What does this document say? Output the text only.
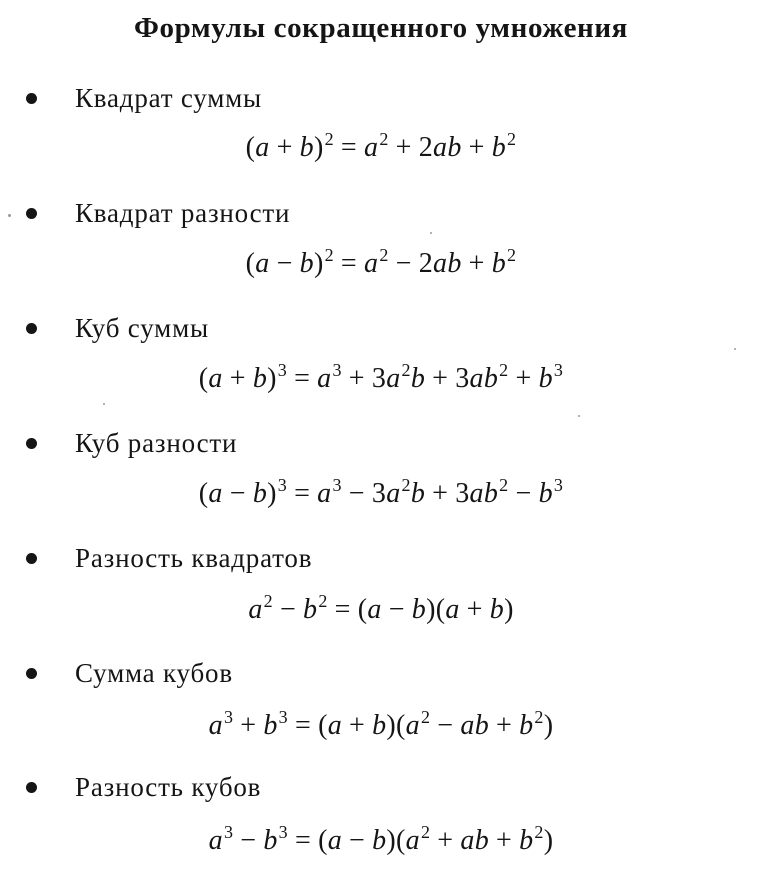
Формулы сокращенного умножения
Квадрат суммы
$(a + b)^2 = a^2 + 2ab + b^2$
Квадрат разности
$(a - b)^2 = a^2 - 2ab + b^2$
Куб суммы
$(a + b)^3 = a^3 + 3a^2b + 3ab^2 + b^3$
Куб разности
$(a - b)^3 = a^3 - 3a^2b + 3ab^2 - b^3$
Разность квадратов
$a^2 - b^2 = (a - b)(a + b)$
Сумма кубов
$a^3 + b^3 = (a + b)(a^2$ − ab + $b^2$)
Разность кубов
$a^3 - b^3 = (a - b)(a^2$ + ab + $b^2$)
